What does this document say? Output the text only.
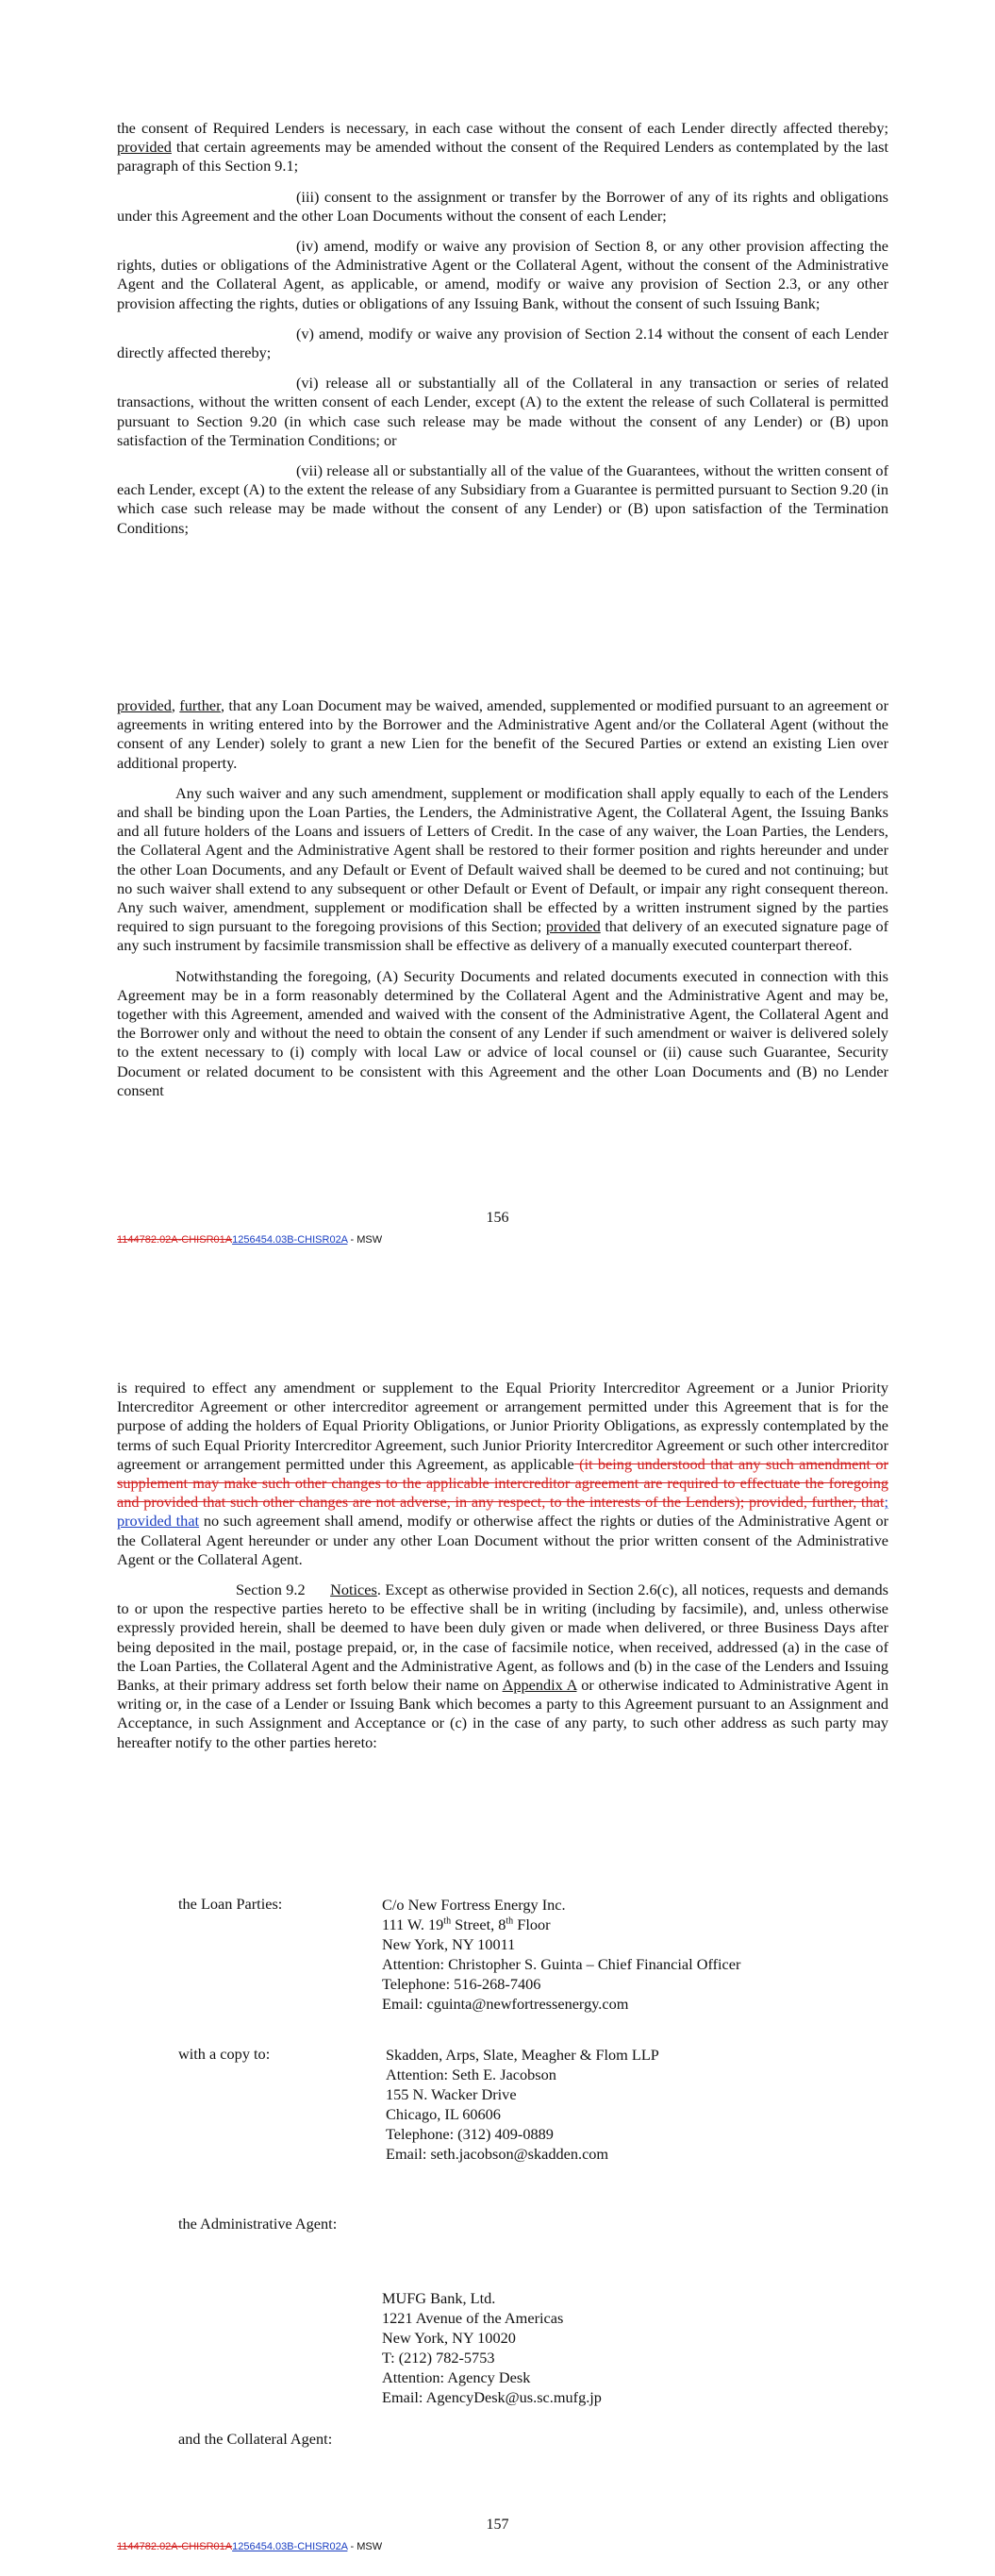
the consent of Required Lenders is necessary, in each case without the consent of each Lender directly affected thereby; provided that certain agreements may be amended without the consent of the Required Lenders as contemplated by the last paragraph of this Section 9.1;

(iii) consent to the assignment or transfer by the Borrower of any of its rights and obligations under this Agreement and the other Loan Documents without the consent of each Lender;

(iv) amend, modify or waive any provision of Section 8, or any other provision affecting the rights, duties or obligations of the Administrative Agent or the Collateral Agent, without the consent of the Administrative Agent and the Collateral Agent, as applicable, or amend, modify or waive any provision of Section 2.3, or any other provision affecting the rights, duties or obligations of any Issuing Bank, without the consent of such Issuing Bank;

(v) amend, modify or waive any provision of Section 2.14 without the consent of each Lender directly affected thereby;

(vi) release all or substantially all of the Collateral in any transaction or series of related transactions, without the written consent of each Lender, except (A) to the extent the release of such Collateral is permitted pursuant to Section 9.20 (in which case such release may be made without the consent of any Lender) or (B) upon satisfaction of the Termination Conditions; or

(vii) release all or substantially all of the value of the Guarantees, without the written consent of each Lender, except (A) to the extent the release of any Subsidiary from a Guarantee is permitted pursuant to Section 9.20 (in which case such release may be made without the consent of any Lender) or (B) upon satisfaction of the Termination Conditions;

provided, further, that any Loan Document may be waived, amended, supplemented or modified pursuant to an agreement or agreements in writing entered into by the Borrower and the Administrative Agent and/or the Collateral Agent (without the consent of any Lender) solely to grant a new Lien for the benefit of the Secured Parties or extend an existing Lien over additional property.

Any such waiver and any such amendment, supplement or modification shall apply equally to each of the Lenders and shall be binding upon the Loan Parties, the Lenders, the Administrative Agent, the Collateral Agent, the Issuing Banks and all future holders of the Loans and issuers of Letters of Credit. In the case of any waiver, the Loan Parties, the Lenders, the Collateral Agent and the Administrative Agent shall be restored to their former position and rights hereunder and under the other Loan Documents, and any Default or Event of Default waived shall be deemed to be cured and not continuing; but no such waiver shall extend to any subsequent or other Default or Event of Default, or impair any right consequent thereon. Any such waiver, amendment, supplement or modification shall be effected by a written instrument signed by the parties required to sign pursuant to the foregoing provisions of this Section; provided that delivery of an executed signature page of any such instrument by facsimile transmission shall be effective as delivery of a manually executed counterpart thereof.

Notwithstanding the foregoing, (A) Security Documents and related documents executed in connection with this Agreement may be in a form reasonably determined by the Collateral Agent and the Administrative Agent and may be, together with this Agreement, amended and waived with the consent of the Administrative Agent, the Collateral Agent and the Borrower only and without the need to obtain the consent of any Lender if such amendment or waiver is delivered solely to the extent necessary to (i) comply with local Law or advice of local counsel or (ii) cause such Guarantee, Security Document or related document to be consistent with this Agreement and the other Loan Documents and (B) no Lender consent

156
1144782.02A-CHISR01A1256454.03B-CHISR02A - MSW

is required to effect any amendment or supplement to the Equal Priority Intercreditor Agreement or a Junior Priority Intercreditor Agreement or other intercreditor agreement or arrangement permitted under this Agreement that is for the purpose of adding the holders of Equal Priority Obligations, or Junior Priority Obligations, as expressly contemplated by the terms of such Equal Priority Intercreditor Agreement, such Junior Priority Intercreditor Agreement or such other intercreditor agreement or arrangement permitted under this Agreement, as applicable (it being understood that any such amendment or supplement may make such other changes to the applicable intercreditor agreement are required to effectuate the foregoing and provided that such other changes are not adverse, in any respect, to the interests of the Lenders); provided, further, that; provided that no such agreement shall amend, modify or otherwise affect the rights or duties of the Administrative Agent or the Collateral Agent hereunder or under any other Loan Document without the prior written consent of the Administrative Agent or the Collateral Agent.

Section 9.2 Notices. Except as otherwise provided in Section 2.6(c), all notices, requests and demands to or upon the respective parties hereto to be effective shall be in writing (including by facsimile), and, unless otherwise expressly provided herein, shall be deemed to have been duly given or made when delivered, or three Business Days after being deposited in the mail, postage prepaid, or, in the case of facsimile notice, when received, addressed (a) in the case of the Loan Parties, the Collateral Agent and the Administrative Agent, as follows and (b) in the case of the Lenders and Issuing Banks, at their primary address set forth below their name on Appendix A or otherwise indicated to Administrative Agent in writing or, in the case of a Lender or Issuing Bank which becomes a party to this Agreement pursuant to an Assignment and Acceptance, in such Assignment and Acceptance or (c) in the case of any party, to such other address as such party may hereafter notify to the other parties hereto:

the Loan Parties:	C/o New Fortress Energy Inc.
111 W. 19th Street, 8th Floor
New York, NY 10011
Attention: Christopher S. Guinta – Chief Financial Officer
Telephone: 516-268-7406
Email: cguinta@newfortressenergy.com
with a copy to:	Skadden, Arps, Slate, Meagher & Flom LLP
Attention: Seth E. Jacobson
155 N. Wacker Drive
Chicago, IL 60606
Telephone: (312) 409-0889
Email: seth.jacobson@skadden.com
the Administrative Agent:
MUFG Bank, Ltd.
1221 Avenue of the Americas
New York, NY 10020
T: (212) 782-5753
Attention: Agency Desk
Email: AgencyDesk@us.sc.mufg.jp
and the Collateral Agent:
157
1144782.02A-CHISR01A1256454.03B-CHISR02A - MSW
